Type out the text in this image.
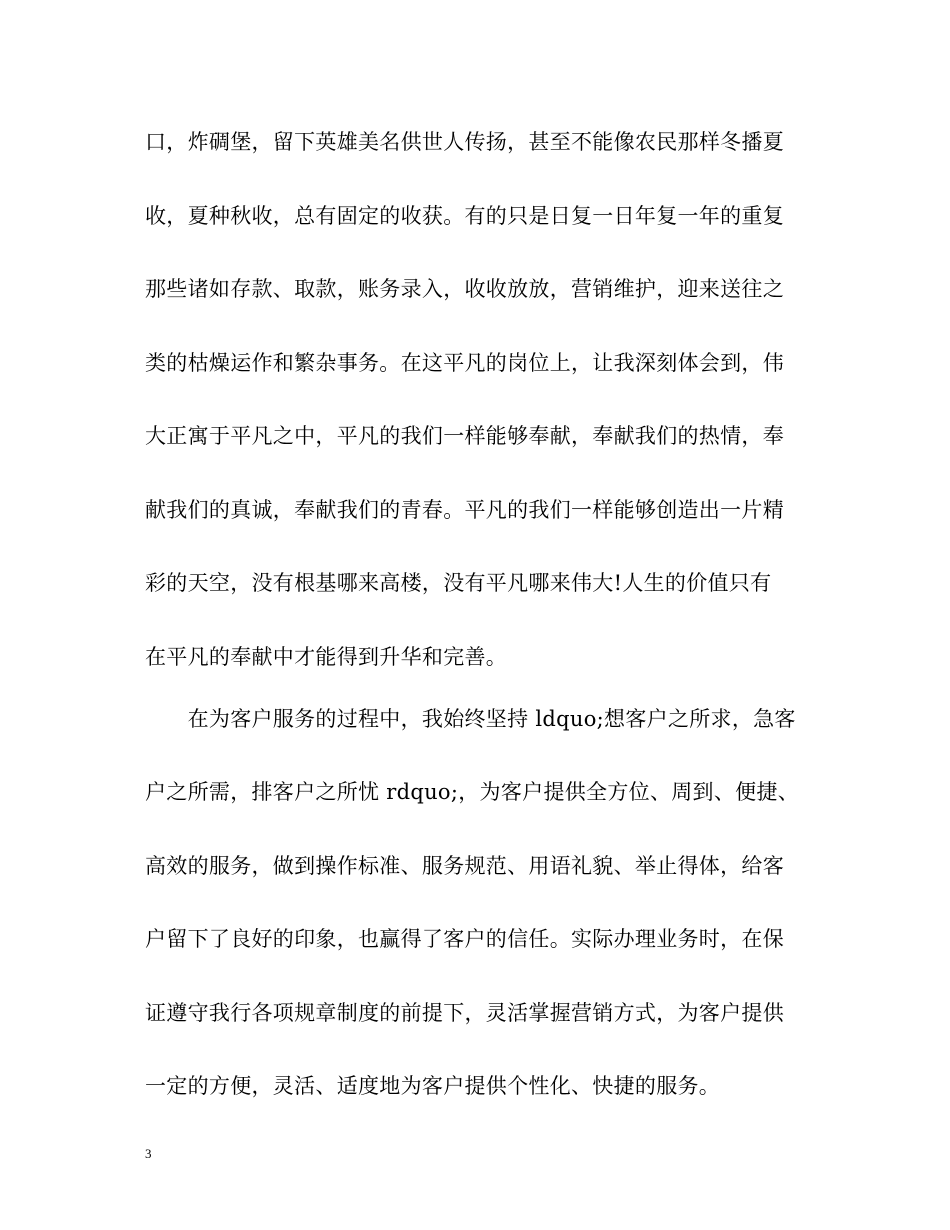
口，炸碉堡，留下英雄美名供世人传扬，甚至不能像农民那样冬播夏
收，夏种秋收，总有固定的收获。有的只是日复一日年复一年的重复
那些诸如存款、取款，账务录入，收收放放，营销维护，迎来送往之
类的枯燥运作和繁杂事务。在这平凡的岗位上，让我深刻体会到，伟
大正寓于平凡之中，平凡的我们一样能够奉献，奉献我们的热情，奉
献我们的真诚，奉献我们的青春。平凡的我们一样能够创造出一片精
彩的天空，没有根基哪来高楼，没有平凡哪来伟大!人生的价值只有
在平凡的奉献中才能得到升华和完善。
　　在为客户服务的过程中，我始终坚持 ldquo;想客户之所求，急客
户之所需，排客户之所忧 rdquo;，为客户提供全方位、周到、便捷、
高效的服务，做到操作标准、服务规范、用语礼貌、举止得体，给客
户留下了良好的印象，也赢得了客户的信任。实际办理业务时，在保
证遵守我行各项规章制度的前提下，灵活掌握营销方式，为客户提供
一定的方便，灵活、适度地为客户提供个性化、快捷的服务。
3
